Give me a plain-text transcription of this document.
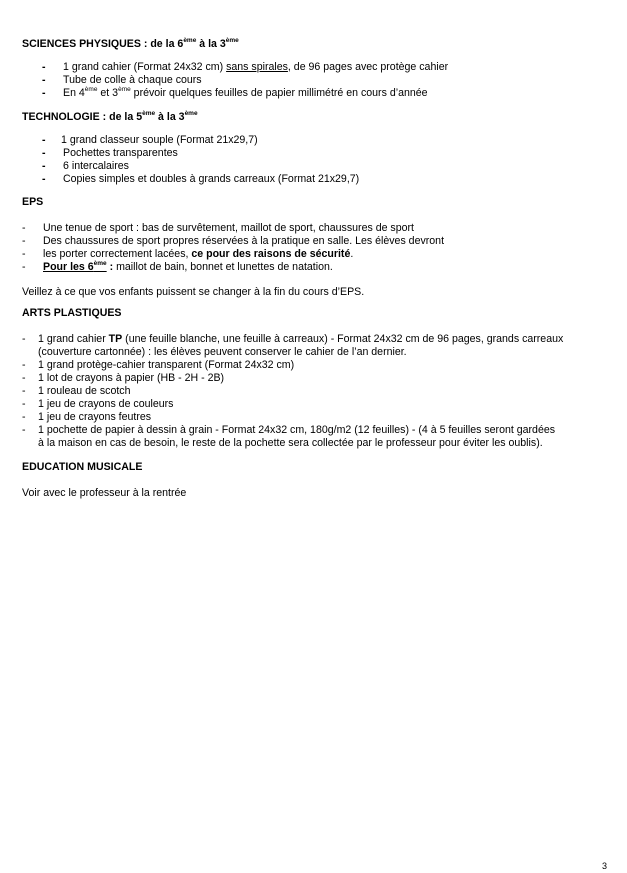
SCIENCES PHYSIQUES : de la 6ème à la 3ème
- 1 grand cahier (Format 24x32 cm) sans spirales, de 96 pages avec protège cahier
- Tube de colle à chaque cours
- En 4ème et 3ème prévoir quelques feuilles de papier millimétré en cours d’année
TECHNOLOGIE : de la 5ème à la 3ème
- 1 grand classeur souple (Format 21x29,7)
- Pochettes transparentes
- 6 intercalaires
- Copies simples et doubles à grands carreaux (Format 21x29,7)
EPS
- Une tenue de sport : bas de survêtement, maillot de sport, chaussures de sport
- Des chaussures de sport propres réservées à la pratique en salle. Les élèves devront
- les porter correctement lacées, ce pour des raisons de sécurité.
- Pour les 6ème : maillot de bain, bonnet et lunettes de natation.
Veillez à ce que vos enfants puissent se changer à la fin du cours d’EPS.
ARTS PLASTIQUES
- 1 grand cahier TP (une feuille blanche, une feuille à carreaux) - Format 24x32 cm de 96 pages, grands carreaux
(couverture cartonnée) : les élèves peuvent conserver le cahier de l’an dernier.
- 1 grand protège-cahier transparent (Format 24x32 cm)
- 1 lot de crayons à papier (HB - 2H - 2B)
- 1 rouleau de scotch
- 1 jeu de crayons de couleurs
- 1 jeu de crayons feutres
- 1 pochette de papier à dessin à grain - Format 24x32 cm, 180g/m2 (12 feuilles) - (4 à 5 feuilles seront gardées
à la maison en cas de besoin, le reste de la pochette sera collectée par le professeur pour éviter les oublis).
EDUCATION MUSICALE
Voir avec le professeur à la rentrée
3
